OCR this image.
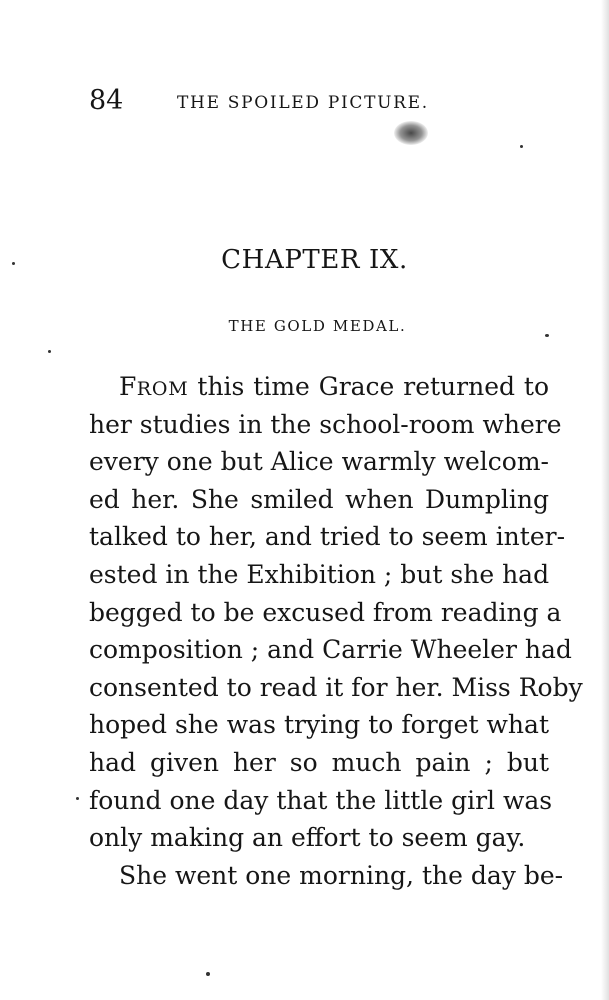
84	THE SPOILED PICTURE.
CHAPTER IX.
THE GOLD MEDAL.
FROM this time Grace returned to
her studies in the school-room where
every one but Alice warmly welcom-
ed her. She smiled when Dumpling
talked to her, and tried to seem inter-
ested in the Exhibition ; but she had
begged to be excused from reading a
composition ; and Carrie Wheeler had
consented to read it for her. Miss Roby
hoped she was trying to forget what
had given her so much pain ; but
found one day that the little girl was
only making an effort to seem gay.
She went one morning, the day be-
